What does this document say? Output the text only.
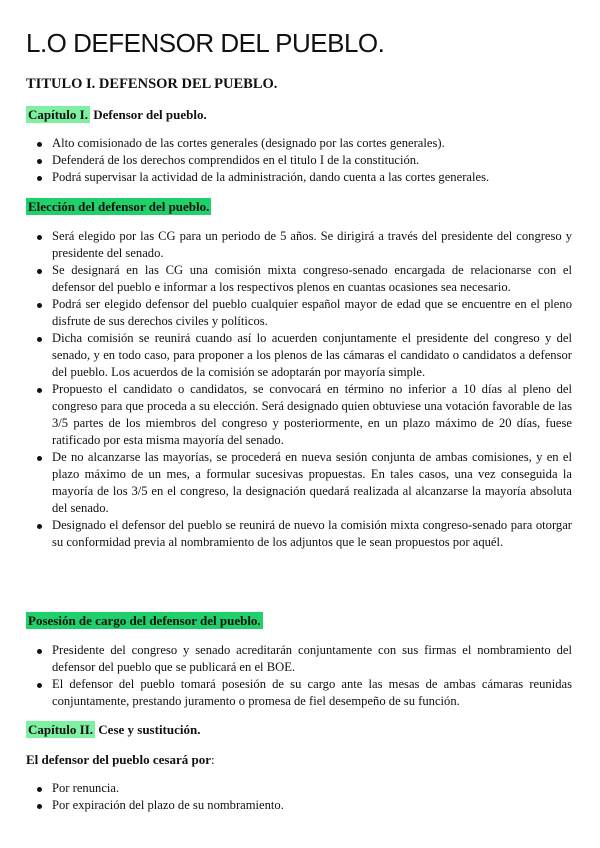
L.O DEFENSOR DEL PUEBLO.
TITULO I. DEFENSOR DEL PUEBLO.
Capítulo I. Defensor del pueblo.
Alto comisionado de las cortes generales (designado por las cortes generales).
Defenderá de los derechos comprendidos en el titulo I de la constitución.
Podrá supervisar la actividad de la administración, dando cuenta a las cortes generales.
Elección del defensor del pueblo.
Será elegido por las CG para un periodo de 5 años. Se dirigirá a través del presidente del congreso y presidente del senado.
Se designará en las CG una comisión mixta congreso-senado encargada de relacionarse con el defensor del pueblo e informar a los respectivos plenos en cuantas ocasiones sea necesario.
Podrá ser elegido defensor del pueblo cualquier español mayor de edad que se encuentre en el pleno disfrute de sus derechos civiles y políticos.
Dicha comisión se reunirá cuando así lo acuerden conjuntamente el presidente del congreso y del senado, y en todo caso, para proponer a los plenos de las cámaras el candidato o candidatos a defensor del pueblo. Los acuerdos de la comisión se adoptarán por mayoría simple.
Propuesto el candidato o candidatos, se convocará en término no inferior a 10 días al pleno del congreso para que proceda a su elección. Será designado quien obtuviese una votación favorable de las 3/5 partes de los miembros del congreso y posteriormente, en un plazo máximo de 20 días, fuese ratificado por esta misma mayoría del senado.
De no alcanzarse las mayorías, se procederá en nueva sesión conjunta de ambas comisiones, y en el plazo máximo de un mes, a formular sucesivas propuestas. En tales casos, una vez conseguida la mayoría de los 3/5 en el congreso, la designación quedará realizada al alcanzarse la mayoría absoluta del senado.
Designado el defensor del pueblo se reunirá de nuevo la comisión mixta congreso-senado para otorgar su conformidad previa al nombramiento de los adjuntos que le sean propuestos por aquél.
Posesión de cargo del defensor del pueblo.
Presidente del congreso y senado acreditarán conjuntamente con sus firmas el nombramiento del defensor del pueblo que se publicará en el BOE.
El defensor del pueblo tomará posesión de su cargo ante las mesas de ambas cámaras reunidas conjuntamente, prestando juramento o promesa de fiel desempeño de su función.
Capítulo II. Cese y sustitución.
El defensor del pueblo cesará por:
Por renuncia.
Por expiración del plazo de su nombramiento.
